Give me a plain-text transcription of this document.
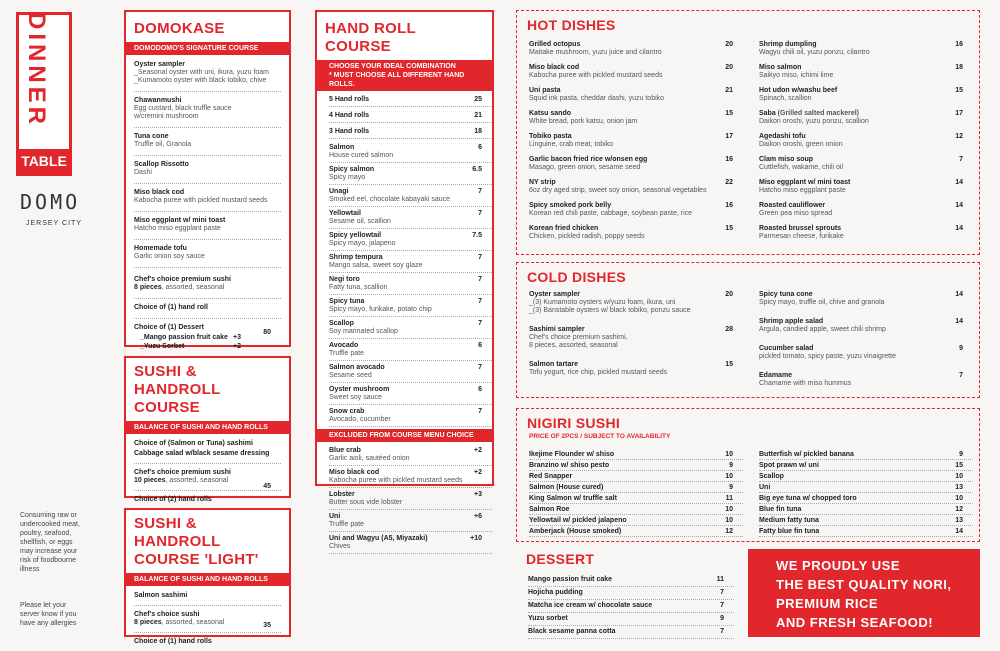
TABLE
DINNER
DOMO
JERSEY CITY
Consuming raw or undercooked meat, poultry, seafood, shellfish, or eggs may increase your risk of foodbourne illness
Please let your server know if you have any allergies
DOMOKASE
DOMODOMO'S SIGNATURE COURSE
Oyster sampler
_Seasonal oyster with uni, ikura, yuzu foam
_Kumamoto oyster with black tobiko, chive
Chawanmushi
Egg custard, black truffle sauce
w/cremini mushroom
Tuna cone
Truffle oil, Granola
Scallop Rissotto
Dashi
Miso black cod
Kabocha puree with pickled mustard seeds
Miso eggplant w/ mini toast
Hatcho miso eggplant paste
Homemade tofu
Garlic onion soy sauce
Chef's choice premium sushi
8 pieces, assorted, seasonal
Choice of (1) hand roll
Choice of (1) Dessert
_Mango passion fruit cake +3
_Yuzu Sorbet	+2
80
SUSHI & HANDROLL COURSE
BALANCE OF SUSHI AND HAND ROLLS
Choice of (Salmon or Tuna) sashimi
Cabbage salad w/black sesame dressing
Chef's choice premium sushi
10 pieces, assorted, seasonal
Choice of (2) hand rolls
45
SUSHI & HANDROLL COURSE 'LIGHT'
BALANCE OF SUSHI AND HAND ROLLS
Salmon sashimi
Chef's choice sushi
8 pieces, assorted, seasonal
Choice of (1) hand rolls
35
HAND ROLL COURSE
CHOOSE YOUR IDEAL COMBINATION
* MUST CHOOSE ALL DIFFERENT HAND ROLLS.
5 Hand rolls	25
4 Hand rolls	21
3 Hand rolls	18
Salmon
House cured salmon
6
Spicy salmon
Spicy mayo
6.5
Unagi
Smoked eel, chocolate kabayaki sauce
7
Yellowtail
Sesame oil, scallion
7
Spicy yellowtail
Spicy mayo, jalapeno
7.5
Shrimp tempura
Mango salsa, sweet soy glaze
7
Negi toro
Fatty tuna, scallion
7
Spicy tuna
Spicy mayo, furikake, potato chip
7
Scallop
Soy marinated scallop
7
Avocado
Truffle pate
6
Salmon avocado
Sesame seed
7
Oyster mushroom
Sweet soy sauce
6
Snow crab
Avocado, cucumber
7
EXCLUDED FROM COURSE MENU CHOICE
Blue crab
Garlic aioli, sautéed onion
+2
Miso black cod
Kabocha puree with pickled mustard seeds
+2
Lobster
Butter sous vide lobster
+3
Uni
Truffle pate
+6
Uni and Wagyu (A5, Miyazaki)
Chives
+10
HOT DISHES
Grilled octopus
Maitake mushroom, yuzu juice and cilantro
20
Miso black cod
Kabocha puree with pickled mustard seeds
20
Uni pasta
Squid ink pasta, cheddar dashi, yuzu tobiko
21
Katsu sando
White bread, pork katsu, onion jam
15
Tobiko pasta
Linguine, crab meat, tobiko
17
Garlic bacon fried rice w/onsen egg
Masago, green onion, sesame seed
16
NY strip
6oz dry aged strip, sweet soy onion, seasonal vegetables
22
Spicy smoked pork belly
Korean red chili paste, cabbage, soybean paste, rice
16
Korean fried chicken
Chicken, pickled radish, poppy seeds
15
Shrimp dumpling
Wagyu chili oil, yuzu ponzu, cilantro
16
Miso salmon
Saikyo miso, ichimi lime
18
Hot udon w/washu beef
Spinach, scallion
15
Saba (Grilled salted mackerel)
Daikon oroshi, yuzu ponzu, scallion
17
Agedashi tofu
Daikon oroshi, green onion
12
Clam miso soup
Cuttlefish, wakame, chili oil
7
Miso eggplant w/ mini toast
Hatcho miso eggplant paste
14
Roasted cauliflower
Green pea miso spread
14
Roasted brussel sprouts
Parmesan cheese, furikake
14
COLD DISHES
Oyster sampler
_(3) Kumamoto oysters w/yuzu foam, ikura, uni
_(3) Banstable oysters w/ black tobiko, ponzu sauce
20
Sashimi sampler
Chef's choice premium sashimi,
8 pieces, assorted, seasonal
28
Salmon tartare
Tofu yogurt, rice chip, pickled mustard seeds
15
Spicy tuna cone
Spicy mayo, truffle oil, chive and granola
14
Shrimp apple salad
Argula, candied apple, sweet chili shrimp
14
Cucumber salad
pickled tomato, spicy paste, yuzu vinaigrette
9
Edamame
Chamame with miso hummus
7
NIGIRI SUSHI
PRICE OF 2PCS / SUBJECT TO AVAILABILITY
Ikejime Flounder w/ shiso	10
Branzino w/ shiso pesto	9
Red Snapper	10
Salmon (House cured)	9
King Salmon w/ truffle salt	11
Salmon Roe	10
Yellowtail w/ pickled jalapeno	10
Amberjack (House smoked)	12
Butterfish w/ pickled banana	9
Spot prawn w/ uni	15
Scallop	10
Uni	13
Big eye tuna w/ chopped toro	10
Blue fin tuna	12
Medium fatty tuna	13
Fatty blue fin tuna	14
DESSERT
Mango passion fruit cake	11
Hojicha pudding	7
Matcha ice cream w/ chocolate sauce	7
Yuzu sorbet	9
Black sesame panna cotta	7
WE PROUDLY USE
THE BEST QUALITY NORI,
PREMIUM RICE
AND FRESH SEAFOOD!
